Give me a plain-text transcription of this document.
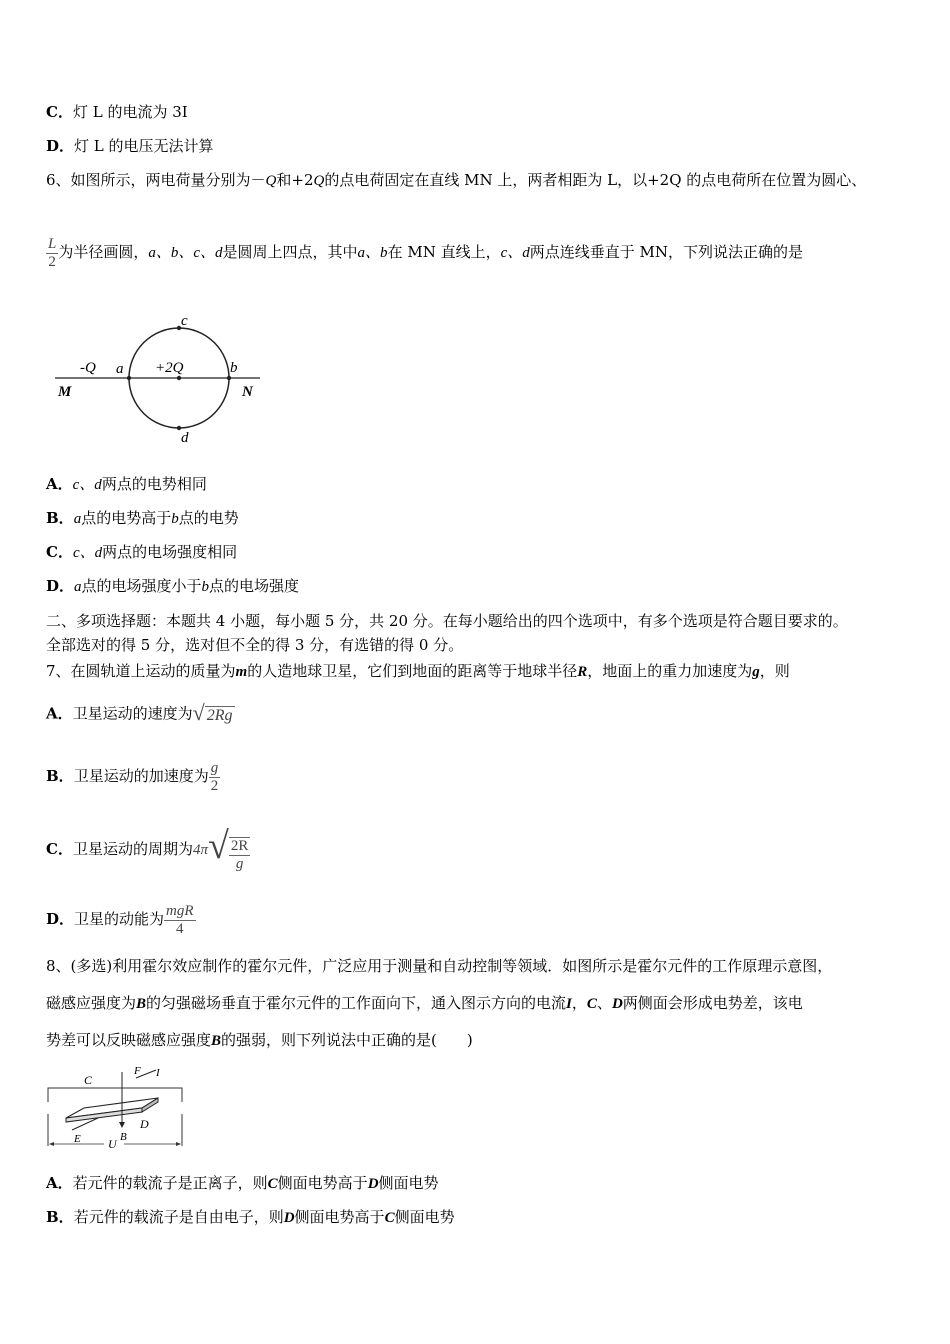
C．灯 L 的电流为 3I
D．灯 L 的电压无法计算
6、如图所示，两电荷量分别为－Q和+2Q的点电荷固定在直线 MN 上，两者相距为 L，以+2Q 的点电荷所在位置为圆心、
$\frac{L}{2}$ 为半径画圆，a、b、c、d是圆周上四点，其中a、b在 MN 直线上，c、d两点连线垂直于 MN，下列说法正确的是
-Q a +2Q	b
c
d
M	N
A．c、d两点的电势相同
B．a点的电势高于b点的电势
C．c、d两点的电场强度相同
D．a点的电场强度小于b点的电场强度
二、多项选择题：本题共 4 小题，每小题 5 分，共 20 分。在每小题给出的四个选项中，有多个选项是符合题目要求的。
全部选对的得 5 分，选对但不全的得 3 分，有选错的得 0 分。
7、在圆轨道上运动的质量为m的人造地球卫星，它们到地面的距离等于地球半径R，地面上的重力加速度为g，则
A．卫星运动的速度为√ 2Rg
B．卫星运动的加速度为 $\frac{g}{2}$
C．卫星运动的周期为$4\pi√ \frac{2R}{g}$
D．卫星的动能为 $\frac{\text{mgR}}{4}$
8、(多选)利用霍尔效应制作的霍尔元件，广泛应用于测量和自动控制等领域．如图所示是霍尔元件的工作原理示意图，
磁感应强度为B的匀强磁场垂直于霍尔元件的工作面向下，通入图示方向的电流I，C、D两侧面会形成电势差，该电
势差可以反映磁感应强度B的强弱，则下列说法中正确的是(　　)
C
F I
D
E	B
U
A．若元件的载流子是正离子，则C侧面电势高于D侧面电势
B．若元件的载流子是自由电子，则D侧面电势高于C侧面电势
